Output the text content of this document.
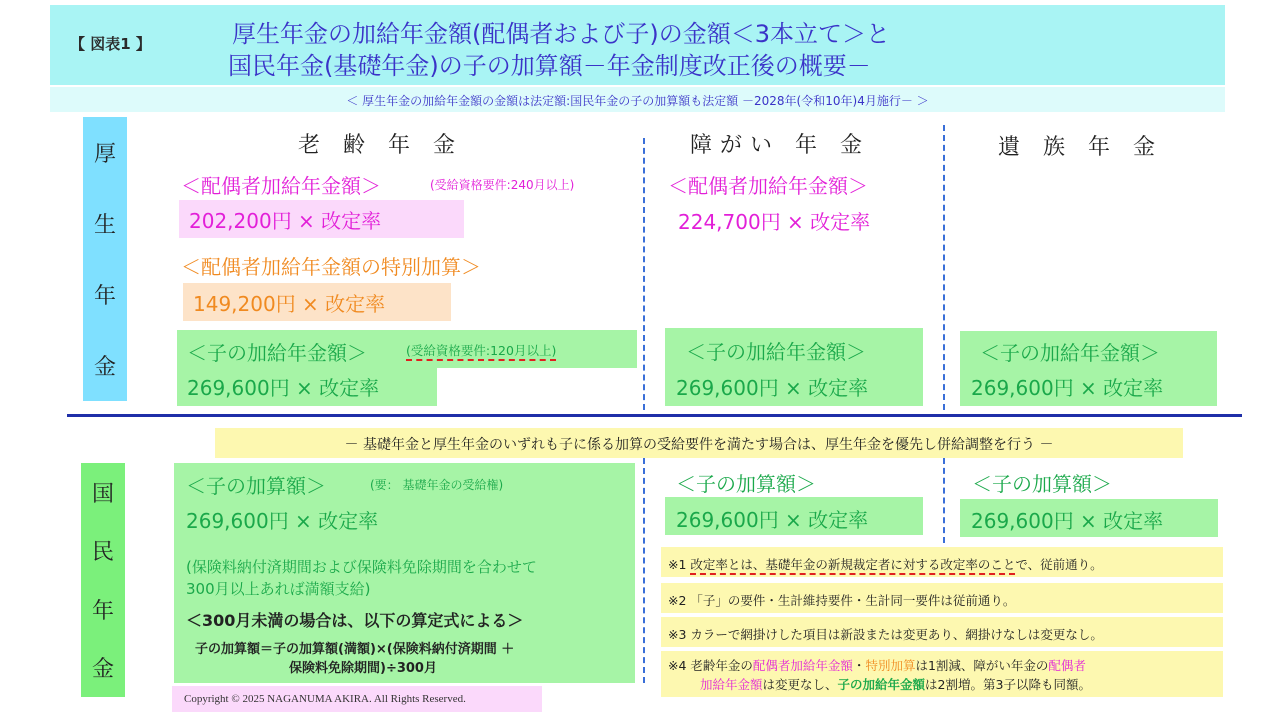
【 図表1 】	厚生年金の加給年金額(配偶者および子)の金額＜3本立て＞と
国民年金(基礎年金)の子の加算額－年金制度改正後の概要－
＜ 厚生年金の加給年金額の金額は法定額:国民年金の子の加算額も法定額 －2028年(令和10年)4月施行－ ＞
厚
生
年
金
国
民
年
金
老 齢 年 金	障がい 年 金	遺 族 年 金
＜配偶者加給年金額＞	(受給資格要件:240月以上)
202,200円 × 改定率
＜配偶者加給年金額の特別加算＞
149,200円 × 改定率
＜子の加給年金額＞	(受給資格要件:120月以上)
269,600円 × 改定率
＜配偶者加給年金額＞
224,700円 × 改定率
＜子の加給年金額＞
269,600円 × 改定率
＜子の加給年金額＞
269,600円 × 改定率
－ 基礎年金と厚生年金のいずれも子に係る加算の受給要件を満たす場合は、厚生年金を優先し併給調整を行う －
＜子の加算額＞	(要： 基礎年金の受給権)
269,600円 × 改定率
(保険料納付済期間および保険料免除期間を合わせて
300月以上あれば満額支給)
＜300月未満の場合は、以下の算定式による＞
子の加算額＝子の加算額(満額)×(保険料納付済期間 ＋
保険料免除期間)÷300月
＜子の加算額＞
269,600円 × 改定率
＜子の加算額＞
269,600円 × 改定率
※1 改定率とは、基礎年金の新規裁定者に対する改定率のことで、従前通り。
※2 「子」の要件・生計維持要件・生計同一要件は従前通り。
※3 カラーで網掛けした項目は新設または変更あり、網掛けなしは変更なし。
※4 老齢年金の配偶者加給年金額・特別加算は1割減、障がい年金の配偶者
加給年金額は変更なし、子の加給年金額は2割増。第3子以降も同額。
Copyright © 2025 NAGANUMA AKIRA. All Rights Reserved.
